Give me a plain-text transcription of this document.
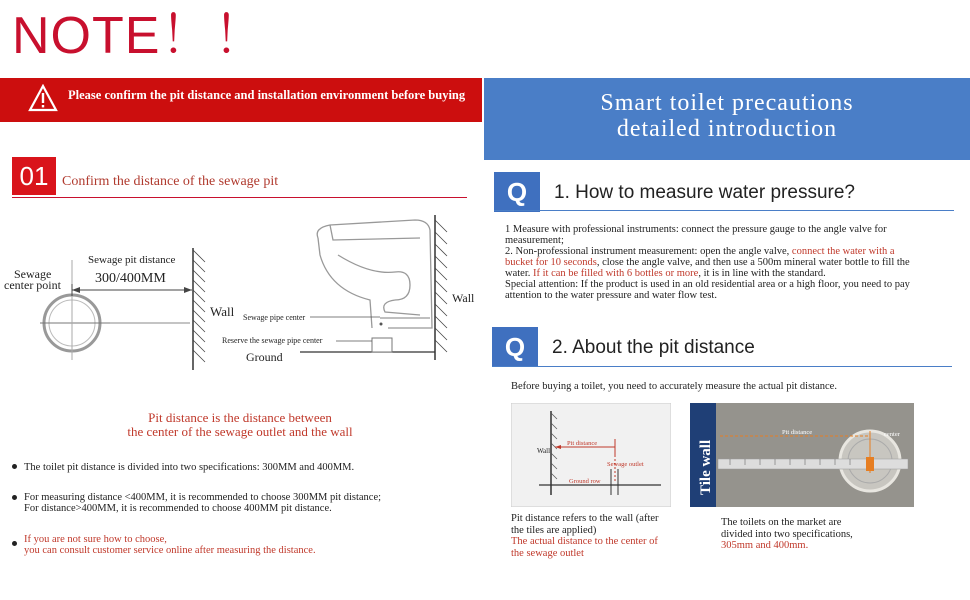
NOTE！！
Please confirm the pit distance and installation environment before buying
01 Confirm the distance of the sewage pit
Sewage pit distance
300/400MM
Sewage
center point
Wall
Wall
Sewage pipe center
Reserve the sewage pipe center
Ground
Pit distance is the distance between
the center of the sewage outlet and the wall
The toilet pit distance is divided into two specifications: 300MM and 400MM.
For measuring distance <400MM, it is recommended to choose 300MM pit distance;
For distance>400MM, it is recommended to choose 400MM pit distance.
If you are not sure how to choose,
you can consult customer service online after measuring the distance.
Smart toilet precautions
detailed introduction
Q	1. How to measure water pressure?
1 Measure with professional instruments: connect the pressure gauge to the angle valve for
measurement;
2. Non-professional instrument measurement: open the angle valve, connect the water with a
bucket for 10 seconds, close the angle valve, and then use a 500m mineral water bottle to fill the
water. If it can be filled with 6 bottles or more, it is in line with the standard.
Special attention: If the product is used in an old residential area or a high floor, you need to pay
attention to the water pressure and water flow test.
Q	2. About the pit distance
Before buying a toilet, you need to accurately measure the actual pit distance.
Wall
Pit distance
Sewage outlet
Ground row	Tile wall
Pit distance	center
Pit distance refers to the wall (after
the tiles are applied)
The actual distance to the center of
the sewage outlet
The toilets on the market are
divided into two specifications,
305mm and 400mm.
